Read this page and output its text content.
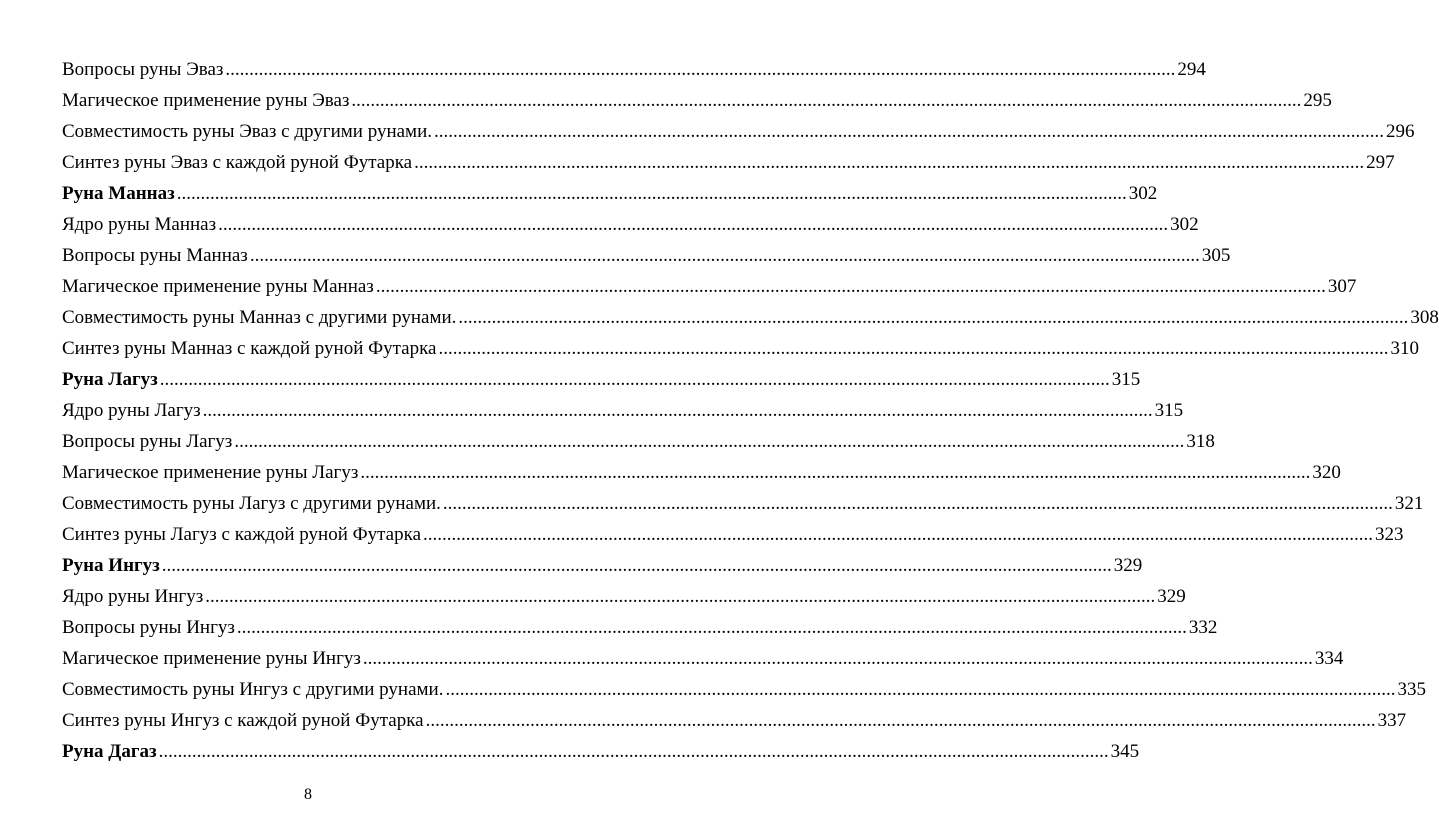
Вопросы руны Эваз ........................................................................................................................................................................................................ 294
Магическое применение руны Эваз ........................................................................................................................................................................................................ 295
Совместимость руны Эваз с другими рунами. ........................................................................................................................................................................................................ 296
Синтез руны Эваз с каждой руной Футарка ........................................................................................................................................................................................................ 297
Руна Манназ ........................................................................................................................................................................................................ 302
Ядро руны Манназ ........................................................................................................................................................................................................ 302
Вопросы руны Манназ ........................................................................................................................................................................................................ 305
Магическое применение руны Манназ ........................................................................................................................................................................................................ 307
Совместимость руны Манназ с другими рунами. ........................................................................................................................................................................................................ 308
Синтез руны Манназ с каждой руной Футарка ........................................................................................................................................................................................................ 310
Руна Лагуз ........................................................................................................................................................................................................ 315
Ядро руны Лагуз ........................................................................................................................................................................................................ 315
Вопросы руны Лагуз ........................................................................................................................................................................................................ 318
Магическое применение руны Лагуз ........................................................................................................................................................................................................ 320
Совместимость руны Лагуз с другими рунами. ........................................................................................................................................................................................................ 321
Синтез руны Лагуз с каждой руной Футарка ........................................................................................................................................................................................................ 323
Руна Ингуз ........................................................................................................................................................................................................ 329
Ядро руны Ингуз ........................................................................................................................................................................................................ 329
Вопросы руны Ингуз ........................................................................................................................................................................................................ 332
Магическое применение руны Ингуз ........................................................................................................................................................................................................ 334
Совместимость руны Ингуз с другими рунами. ........................................................................................................................................................................................................ 335
Синтез руны Ингуз с каждой руной Футарка ........................................................................................................................................................................................................ 337
Руна Дагаз ........................................................................................................................................................................................................ 345
8
